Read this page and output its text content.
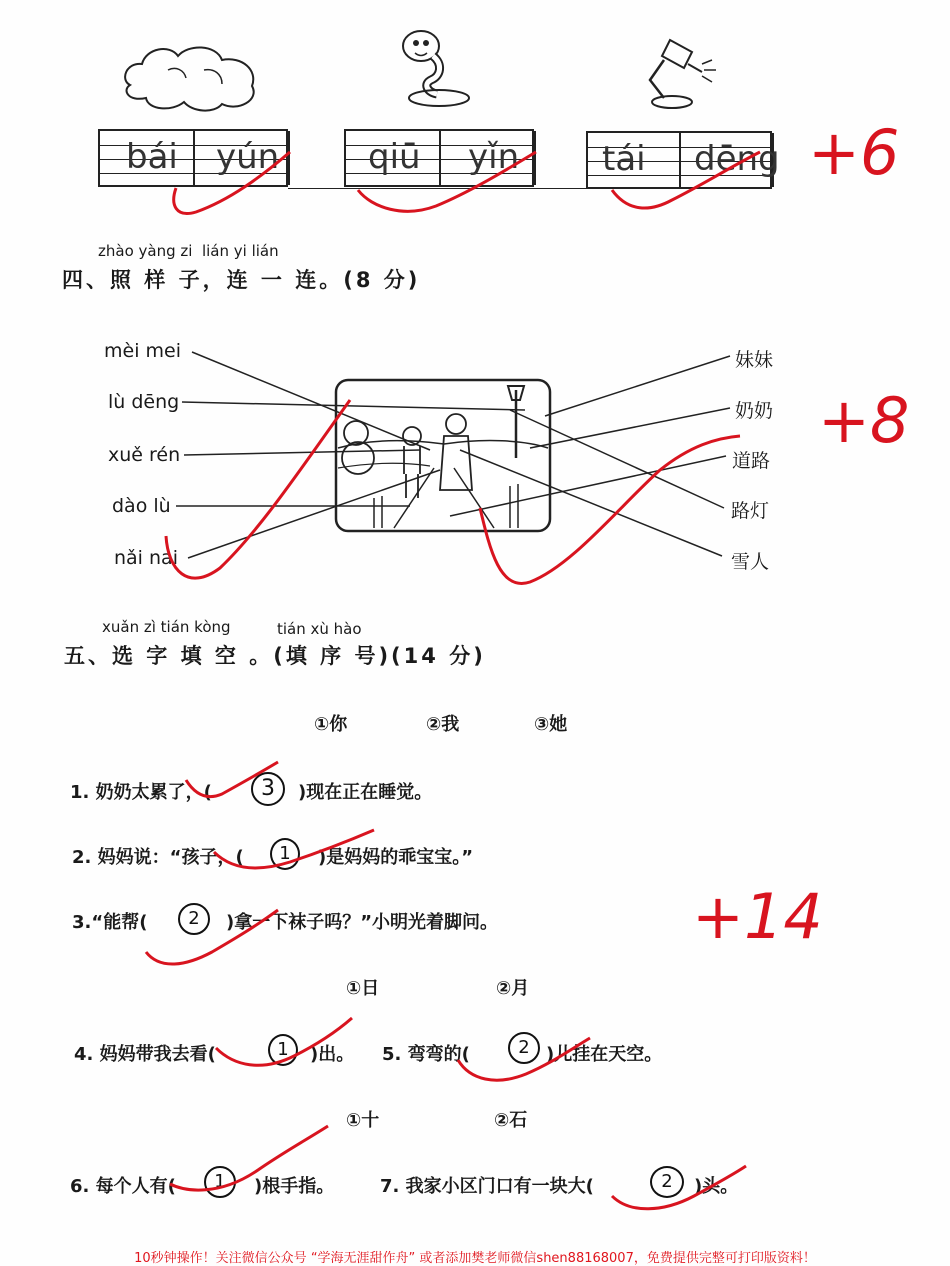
bái yún	qiū yǐn tái dēng +6
zhào yàng zi  lián yi lián
四、照 样 子，连 一 连。(8 分)
mèi mei
lù dēng
xuě rén
dào lù
nǎi nai
妹妹
奶奶
道路
路灯
雪人
+8
xuǎn zì tián kòng	tián xù hào
五、选 字 填 空 。(填 序 号)(14 分)
①你	②我	③她
1. 奶奶太累了，(	3	)现在正在睡觉。
2. 妈妈说：“孩子，(	1	)是妈妈的乖宝宝。”
3.“能帮(	2	)拿一下袜子吗？”小明光着脚问。	+14
①日	②月
4. 妈妈带我去看(	1	)出。 5. 弯弯的(	2 )儿挂在天空。
①十	②石
6. 每个人有(	1	)根手指。	7. 我家小区门口有一块大(	2	)头。
10秒钟操作！关注微信公众号 “学海无涯甜作舟” 或者添加樊老师微信shen88168007，免费提供完整可打印版资料！
